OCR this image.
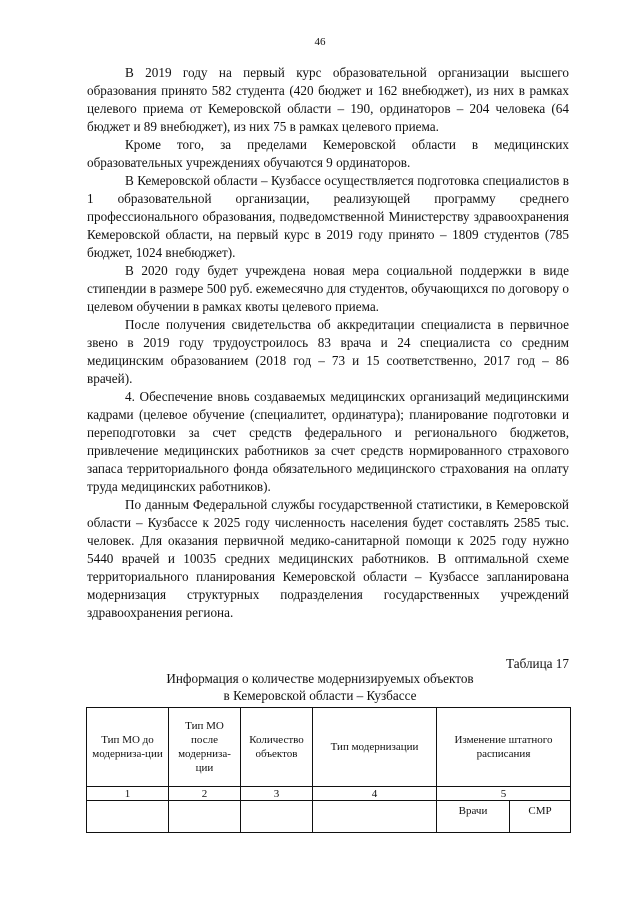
46

В 2019 году на первый курс образовательной организации высшего образования принято 582 студента (420 бюджет и 162 внебюджет), из них в рамках целевого приема от Кемеровской области – 190, ординаторов – 204 человека (64 бюджет и 89 внебюджет), из них 75 в рамках целевого приема.

Кроме того, за пределами Кемеровской области в медицинских образовательных учреждениях обучаются 9 ординаторов.

В Кемеровской области – Кузбассе осуществляется подготовка специалистов в 1 образовательной организации, реализующей программу среднего профессионального образования, подведомственной Министерству здравоохранения Кемеровской области, на первый курс в 2019 году принято – 1809 студентов (785 бюджет, 1024 внебюджет).

В 2020 году будет учреждена новая мера социальной поддержки в виде стипендии в размере 500 руб. ежемесячно для студентов, обучающихся по договору о целевом обучении в рамках квоты целевого приема.

После получения свидетельства об аккредитации специалиста в первичное звено в 2019 году трудоустроилось 83 врача и 24 специалиста со средним медицинским образованием (2018 год – 73 и 15 соответственно, 2017 год – 86 врачей).

4. Обеспечение вновь создаваемых медицинских организаций медицинскими кадрами (целевое обучение (специалитет, ординатура); планирование подготовки и переподготовки за счет средств федерального и регионального бюджетов, привлечение медицинских работников за счет средств нормированного страхового запаса территориального фонда обязательного медицинского страхования на оплату труда медицинских работников).

По данным Федеральной службы государственной статистики, в Кемеровской области – Кузбассе к 2025 году численность населения будет составлять 2585 тыс. человек. Для оказания первичной медико-санитарной помощи к 2025 году нужно 5440 врачей и 10035 средних медицинских работников. В оптимальной схеме территориального планирования Кемеровской области – Кузбассе запланирована модернизация структурных подразделения государственных учреждений здравоохранения региона.

Таблица 17
Информация о количестве модернизируемых объектов
в Кемеровской области – Кузбассе
Тип МО до модерниза-ции	Тип МО после модерниза-ции	Количество объектов	Тип модернизации	Изменение штатного расписания	
1	2	3	4	5	
				Врачи	СМР
